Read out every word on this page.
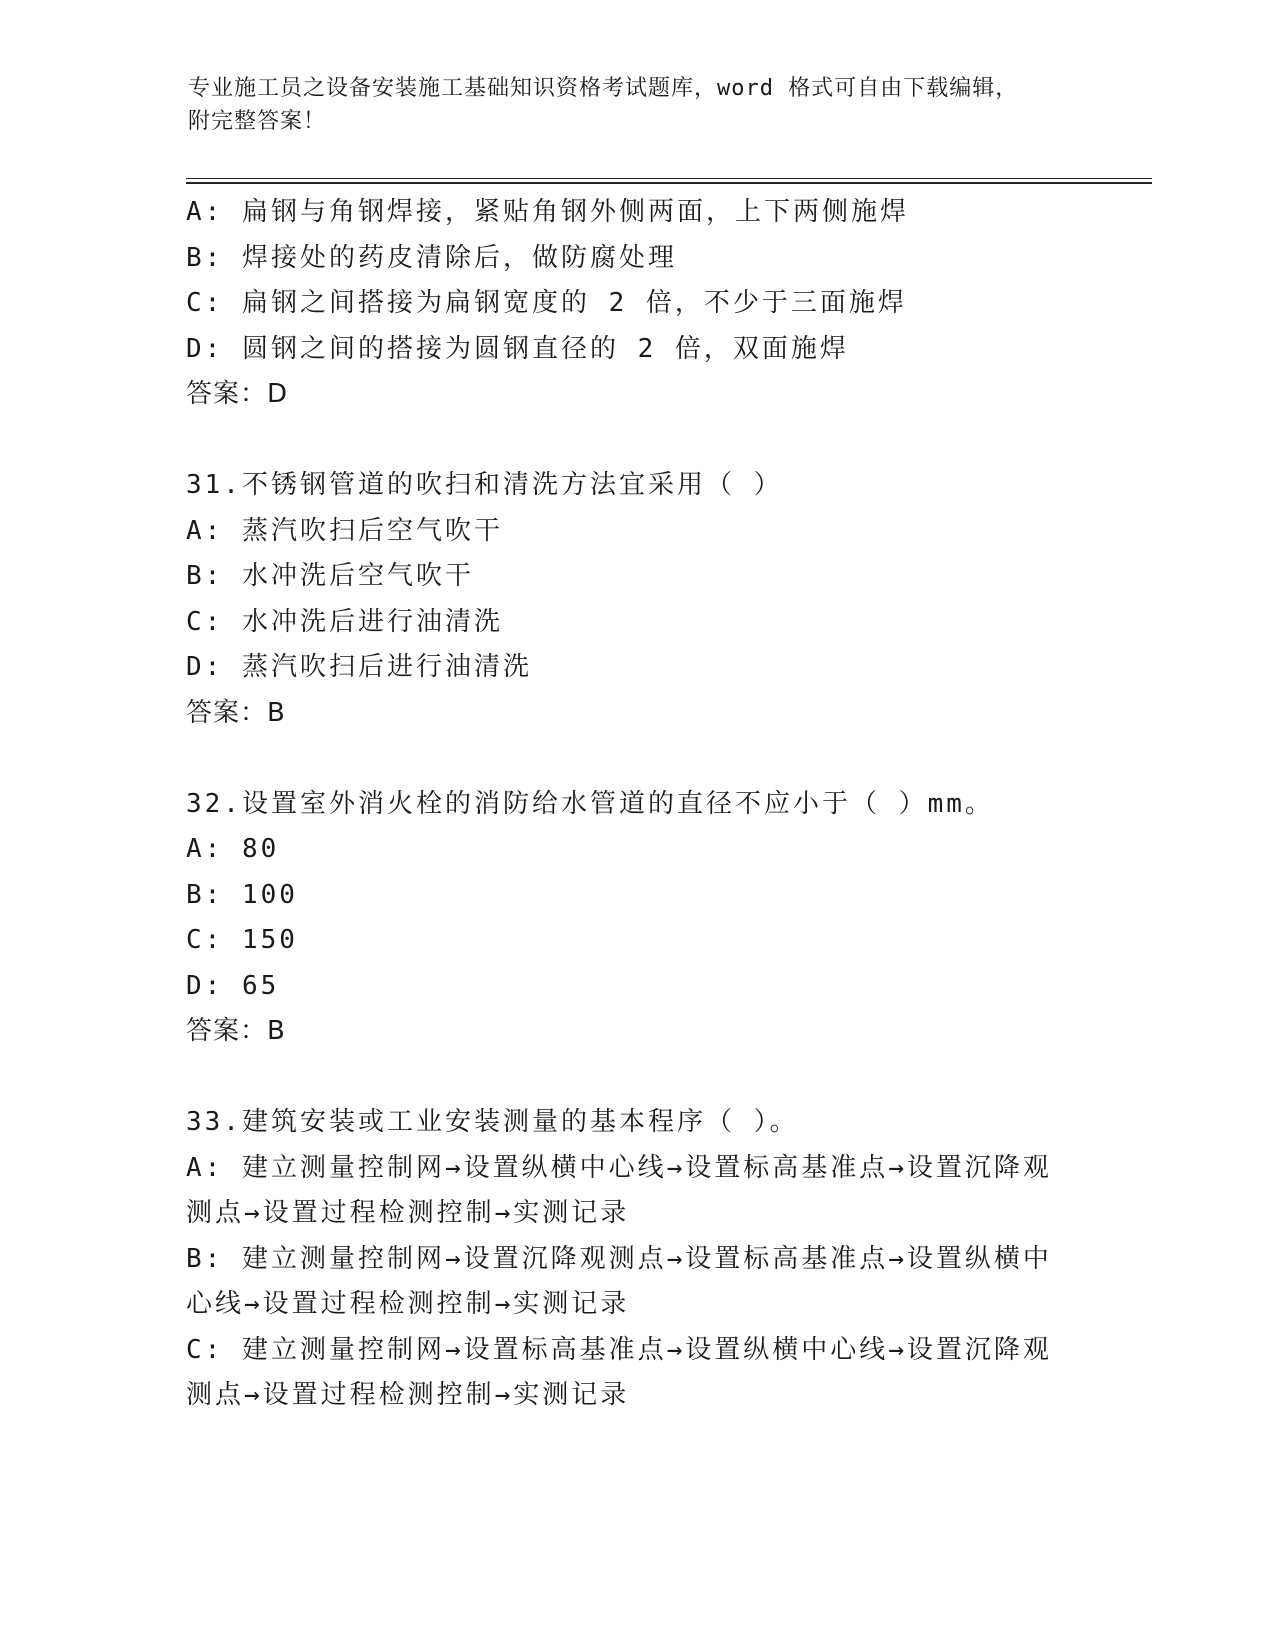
专业施工员之设备安装施工基础知识资格考试题库，word 格式可自由下载编辑，
附完整答案！
A: 扁钢与角钢焊接，紧贴角钢外侧两面，上下两侧施焊
B: 焊接处的药皮清除后，做防腐处理
C: 扁钢之间搭接为扁钢宽度的 2 倍，不少于三面施焊
D: 圆钢之间的搭接为圆钢直径的 2 倍，双面施焊
答案：D
31.不锈钢管道的吹扫和清洗方法宜采用（ ）
A: 蒸汽吹扫后空气吹干
B: 水冲洗后空气吹干
C: 水冲洗后进行油清洗
D: 蒸汽吹扫后进行油清洗
答案：B
32.设置室外消火栓的消防给水管道的直径不应小于（ ）mm。
A: 80
B: 100
C: 150
D: 65
答案：B
33.建筑安装或工业安装测量的基本程序（ ）。
A: 建立测量控制网→设置纵横中心线→设置标高基准点→设置沉降观
测点→设置过程检测控制→实测记录
B: 建立测量控制网→设置沉降观测点→设置标高基准点→设置纵横中
心线→设置过程检测控制→实测记录
C: 建立测量控制网→设置标高基准点→设置纵横中心线→设置沉降观
测点→设置过程检测控制→实测记录
